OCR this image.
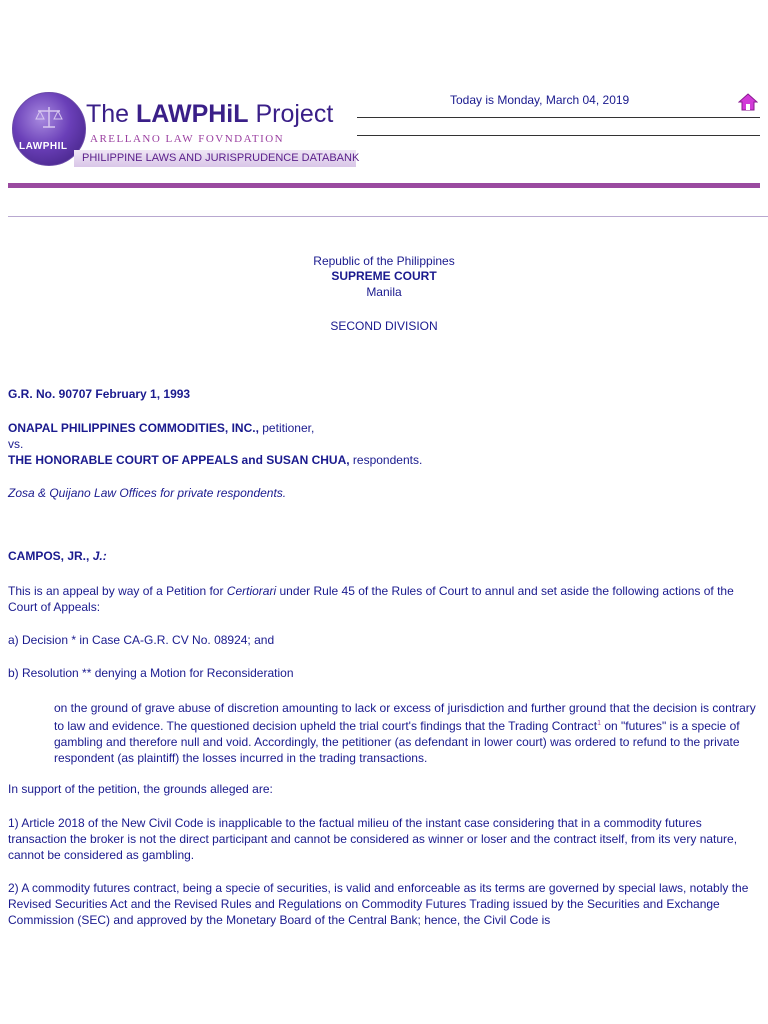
LAWPHIL
The LAWPHiL Project
ARELLANO LAW FOVNDATION
PHILIPPINE LAWS AND JURISPRUDENCE DATABANK
Today is Monday, March 04, 2019
Republic of the Philippines
SUPREME COURT
Manila
SECOND DIVISION
G.R. No. 90707 February 1, 1993
ONAPAL PHILIPPINES COMMODITIES, INC., petitioner,
vs.
THE HONORABLE COURT OF APPEALS and SUSAN CHUA, respondents.
Zosa & Quijano Law Offices for private respondents.
CAMPOS, JR., J.:
This is an appeal by way of a Petition for Certiorari under Rule 45 of the Rules of Court to annul and set aside the following actions of the Court of Appeals:
a) Decision * in Case CA-G.R. CV No. 08924; and
b) Resolution ** denying a Motion for Reconsideration
on the ground of grave abuse of discretion amounting to lack or excess of jurisdiction and further ground that the decision is contrary to law and evidence. The questioned decision upheld the trial court's findings that the Trading Contract$^1$ on "futures" is a specie of gambling and therefore null and void. Accordingly, the petitioner (as defendant in lower court) was ordered to refund to the private respondent (as plaintiff) the losses incurred in the trading transactions.
In support of the petition, the grounds alleged are:
1) Article 2018 of the New Civil Code is inapplicable to the factual milieu of the instant case considering that in a commodity futures transaction the broker is not the direct participant and cannot be considered as winner or loser and the contract itself, from its very nature, cannot be considered as gambling.
2) A commodity futures contract, being a specie of securities, is valid and enforceable as its terms are governed by special laws, notably the Revised Securities Act and the Revised Rules and Regulations on Commodity Futures Trading issued by the Securities and Exchange Commission (SEC) and approved by the Monetary Board of the Central Bank; hence, the Civil Code is
